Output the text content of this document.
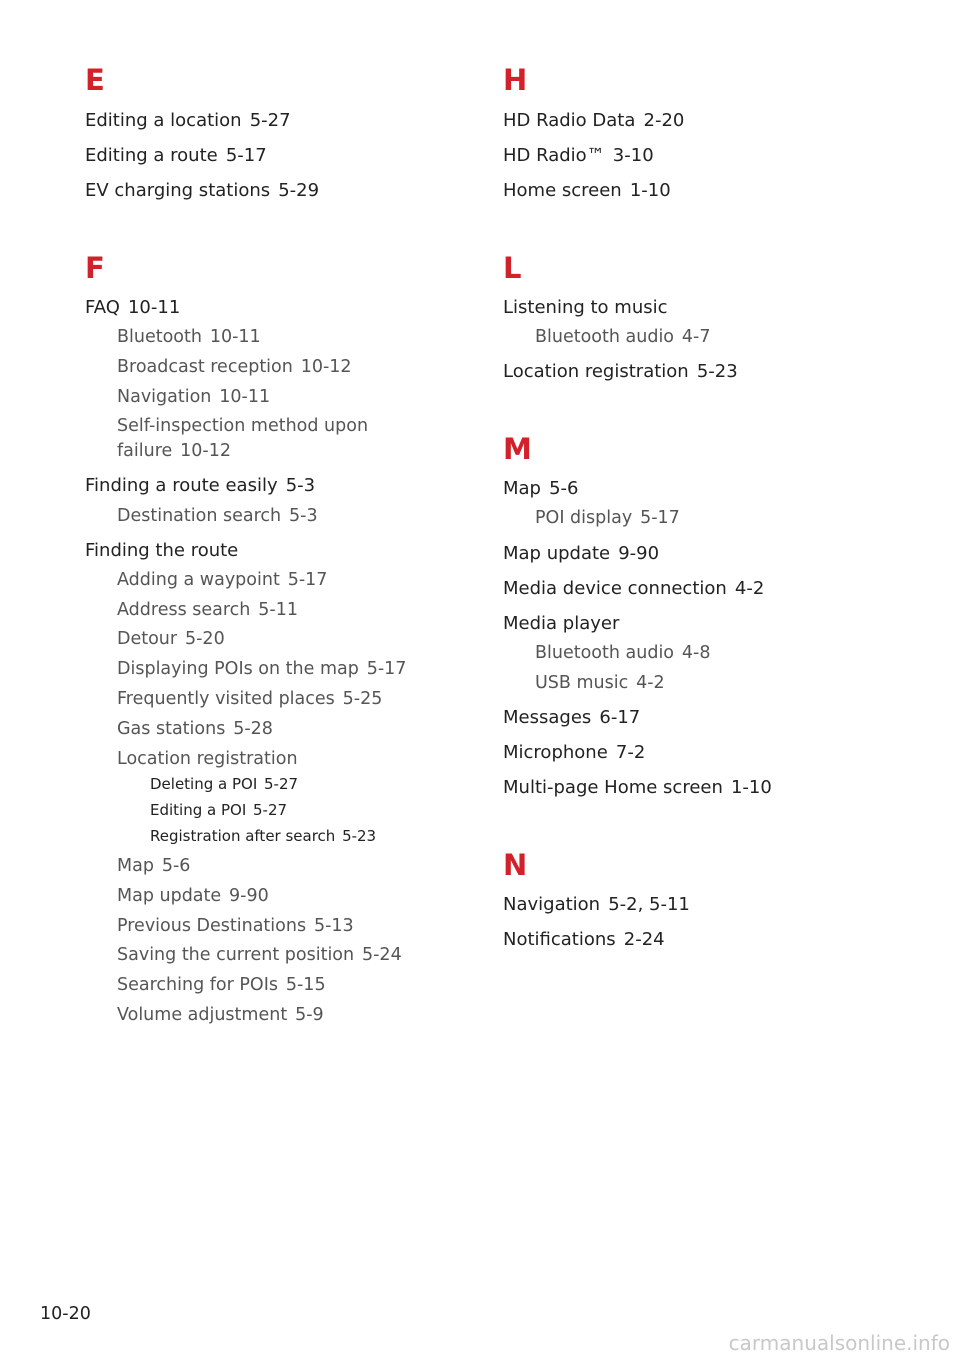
E
Editing a location 5-27
Editing a route 5-17
EV charging stations 5-29
F
FAQ 10-11
Bluetooth 10-11
Broadcast reception 10-12
Navigation 10-11
Self-inspection method upon
failure 10-12
Finding a route easily 5-3
Destination search 5-3
Finding the route
Adding a waypoint 5-17
Address search 5-11
Detour 5-20
Displaying POIs on the map 5-17
Frequently visited places 5-25
Gas stations 5-28
Location registration
Deleting a POI 5-27
Editing a POI 5-27
Registration after search 5-23
Map 5-6
Map update 9-90
Previous Destinations 5-13
Saving the current position 5-24
Searching for POIs 5-15
Volume adjustment 5-9
H
HD Radio Data 2-20
HD Radio™ 3-10
Home screen 1-10
L
Listening to music
Bluetooth audio 4-7
Location registration 5-23
M
Map 5-6
POI display 5-17
Map update 9-90
Media device connection 4-2
Media player
Bluetooth audio 4-8
USB music 4-2
Messages 6-17
Microphone 7-2
Multi-page Home screen 1-10
N
Navigation 5-2, 5-11
Notifications 2-24
10-20
carmanualsonline.info
